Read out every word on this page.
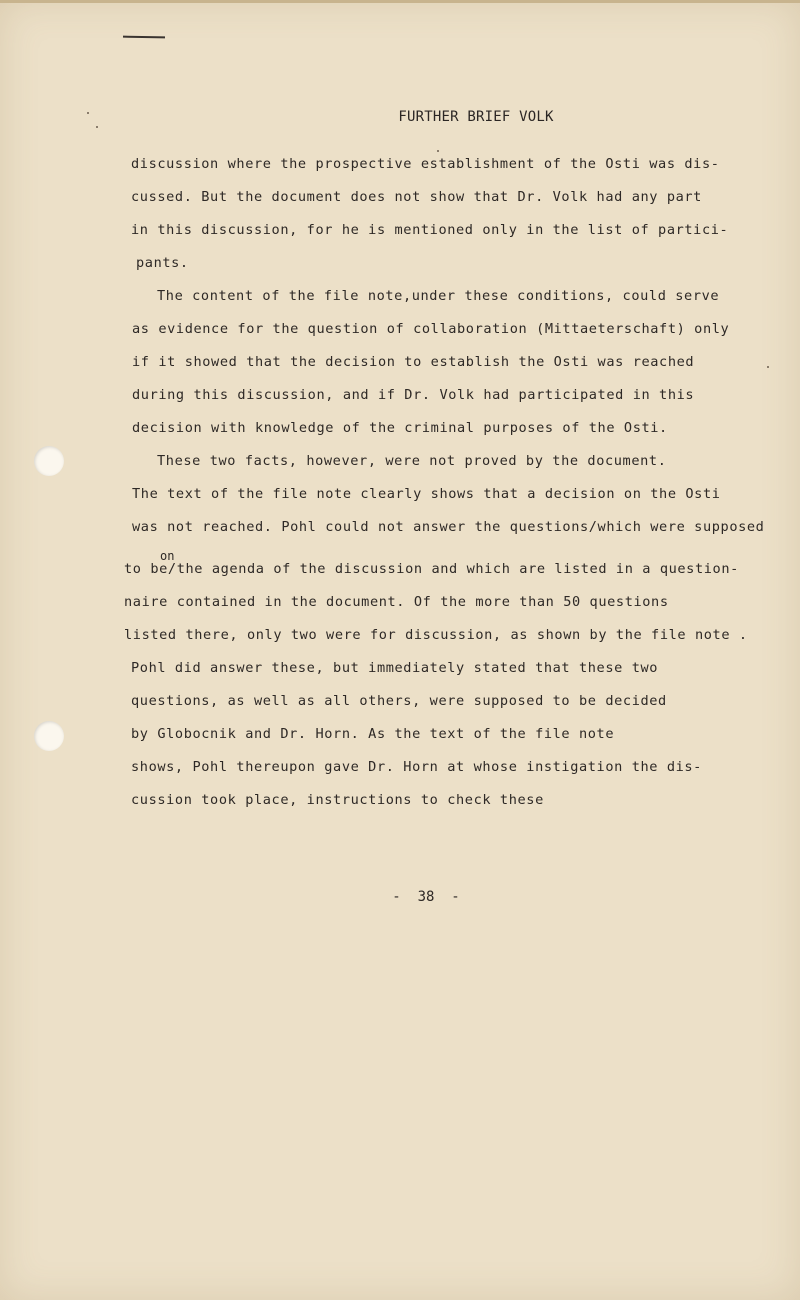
FURTHER BRIEF VOLK
discussion where the prospective establishment of the Osti was dis-
cussed. But the document does not show that Dr. Volk had any part
in this discussion, for he is mentioned only in the list of partici-
pants.
The content of the file note,under these conditions, could serve
as evidence for the question of collaboration (Mittaeterschaft) only
if it showed that the decision to establish the Osti was reached
during this discussion, and if Dr. Volk had participated in this
decision with knowledge of the criminal purposes of the Osti.
These two facts, however, were not proved by the document.
The text of the file note clearly shows that a decision on the Osti
was not reached. Pohl could not answer the questions/which were supposed
on
to be/the agenda of the discussion and which are listed in a question-
naire contained in the document. Of the more than 50 questions
listed there, only two were for discussion, as shown by the file note .
Pohl did answer these, but immediately stated that these two
questions, as well as all others, were supposed to be decided
by Globocnik and Dr. Horn. As the text of the file note
shows, Pohl thereupon gave Dr. Horn at whose instigation the dis-
cussion took place, instructions to check these
-  38  -
